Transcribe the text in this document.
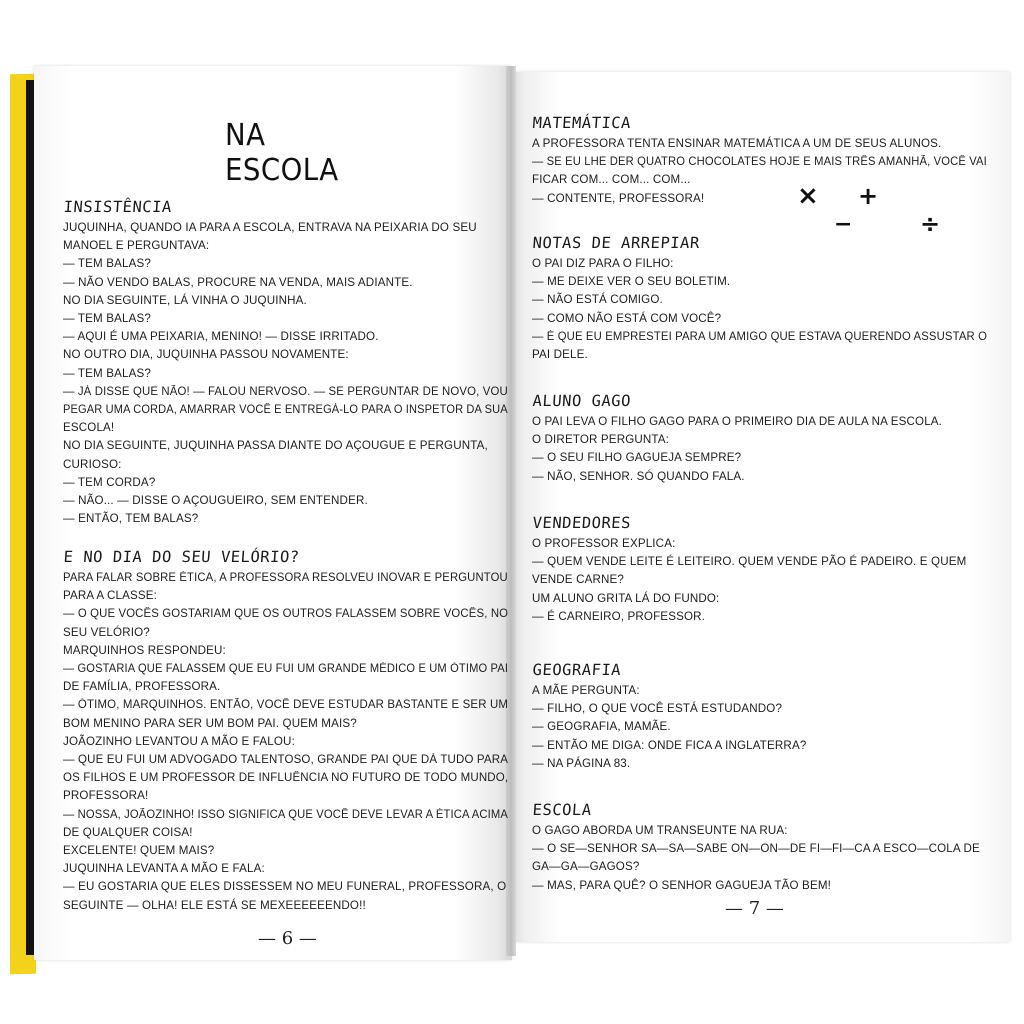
NA ESCOLA
INSISTÊNCIA
JUQUINHA, QUANDO IA PARA A ESCOLA, ENTRAVA NA PEIXARIA DO SEU
MANOEL E PERGUNTAVA:
— TEM BALAS?
— NÃO VENDO BALAS, PROCURE NA VENDA, MAIS ADIANTE.
NO DIA SEGUINTE, LÁ VINHA O JUQUINHA.
— TEM BALAS?
— AQUI É UMA PEIXARIA, MENINO! — DISSE IRRITADO.
NO OUTRO DIA, JUQUINHA PASSOU NOVAMENTE:
— TEM BALAS?
— JÁ DISSE QUE NÃO! — FALOU NERVOSO. — SE PERGUNTAR DE NOVO, VOU
PEGAR UMA CORDA, AMARRAR VOCÊ E ENTREGÁ-LO PARA O INSPETOR DA SUA
ESCOLA!
NO DIA SEGUINTE, JUQUINHA PASSA DIANTE DO AÇOUGUE E PERGUNTA,
CURIOSO:
— TEM CORDA?
— NÃO... — DISSE O AÇOUGUEIRO, SEM ENTENDER.
— ENTÃO, TEM BALAS?
E NO DIA DO SEU VELÓRIO?
PARA FALAR SOBRE ÉTICA, A PROFESSORA RESOLVEU INOVAR E PERGUNTOU
PARA A CLASSE:
— O QUE VOCÊS GOSTARIAM QUE OS OUTROS FALASSEM SOBRE VOCÊS, NO
SEU VELÓRIO?
MARQUINHOS RESPONDEU:
— GOSTARIA QUE FALASSEM QUE EU FUI UM GRANDE MÉDICO E UM ÓTIMO PAI
DE FAMÍLIA, PROFESSORA.
— ÓTIMO, MARQUINHOS. ENTÃO, VOCÊ DEVE ESTUDAR BASTANTE E SER UM
BOM MENINO PARA SER UM BOM PAI. QUEM MAIS?
JOÃOZINHO LEVANTOU A MÃO E FALOU:
— QUE EU FUI UM ADVOGADO TALENTOSO, GRANDE PAI QUE DÁ TUDO PARA
OS FILHOS E UM PROFESSOR DE INFLUÊNCIA NO FUTURO DE TODO MUNDO,
PROFESSORA!
— NOSSA, JOÃOZINHO! ISSO SIGNIFICA QUE VOCÊ DEVE LEVAR A ÉTICA ACIMA
DE QUALQUER COISA!
EXCELENTE! QUEM MAIS?
JUQUINHA LEVANTA A MÃO E FALA:
— EU GOSTARIA QUE ELES DISSESSEM NO MEU FUNERAL, PROFESSORA, O
SEGUINTE — OLHA! ELE ESTÁ SE MEXEEEEEENDO!!
— 6 —
MATEMÁTICA
A PROFESSORA TENTA ENSINAR MATEMÁTICA A UM DE SEUS ALUNOS.
— SE EU LHE DER QUATRO CHOCOLATES HOJE E MAIS TRÊS AMANHÃ, VOCÊ VAI
FICAR COM... COM... COM...
— CONTENTE, PROFESSORA!	× +
−	÷
NOTAS DE ARREPIAR
O PAI DIZ PARA O FILHO:
— ME DEIXE VER O SEU BOLETIM.
— NÃO ESTÁ COMIGO.
— COMO NÃO ESTÁ COM VOCÊ?
— É QUE EU EMPRESTEI PARA UM AMIGO QUE ESTAVA QUERENDO ASSUSTAR O
PAI DELE.
ALUNO GAGO
O PAI LEVA O FILHO GAGO PARA O PRIMEIRO DIA DE AULA NA ESCOLA.
O DIRETOR PERGUNTA:
— O SEU FILHO GAGUEJA SEMPRE?
— NÃO, SENHOR. SÓ QUANDO FALA.
VENDEDORES
O PROFESSOR EXPLICA:
— QUEM VENDE LEITE É LEITEIRO. QUEM VENDE PÃO É PADEIRO. E QUEM
VENDE CARNE?
UM ALUNO GRITA LÁ DO FUNDO:
— É CARNEIRO, PROFESSOR.
GEOGRAFIA
A MÃE PERGUNTA:
— FILHO, O QUE VOCÊ ESTÁ ESTUDANDO?
— GEOGRAFIA, MAMÃE.
— ENTÃO ME DIGA: ONDE FICA A INGLATERRA?
— NA PÁGINA 83.
ESCOLA
O GAGO ABORDA UM TRANSEUNTE NA RUA:
— O SE—SENHOR SA—SA—SABE ON—ON—DE FI—FI—CA A ESCO—COLA DE
GA—GA—GAGOS?
— MAS, PARA QUÊ? O SENHOR GAGUEJA TÃO BEM!
— 7 —
